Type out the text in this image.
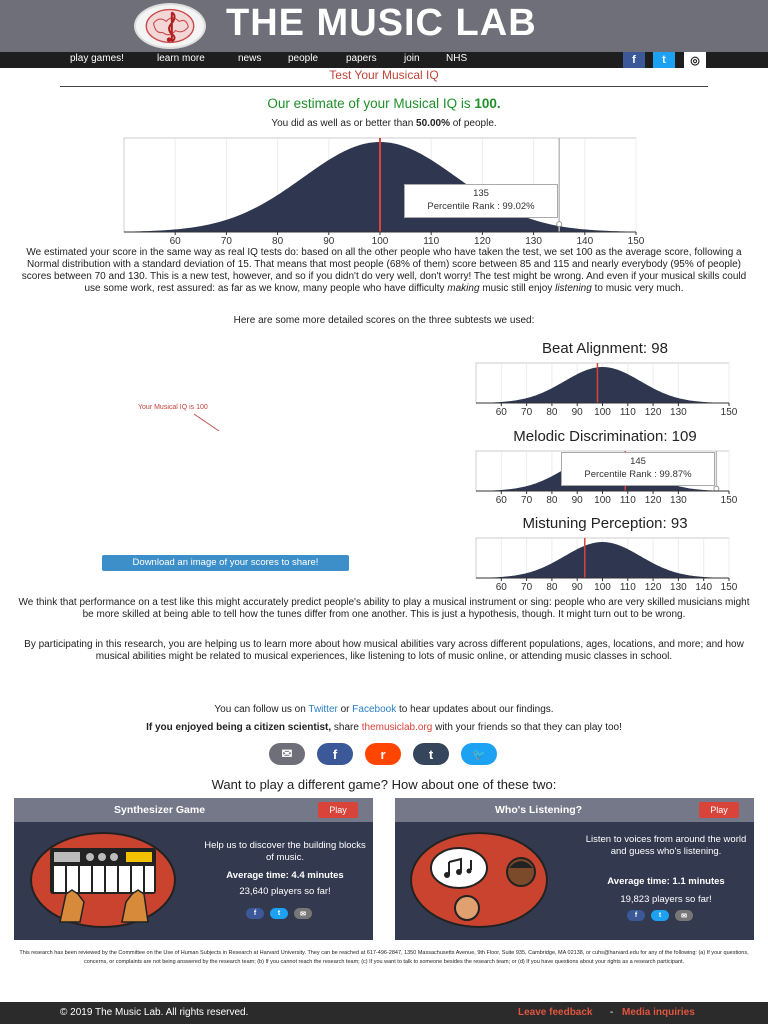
THE MUSIC LAB
play games!	learn more	news	people	papers	join	NHS	f	t	◎
Test Your Musical IQ
Our estimate of your Musical IQ is 100.
You did as well as or better than 50.00% of people.
60	70	80	90	100	110	120	130	140	150
135
Percentile Rank : 99.02%
We estimated your score in the same way as real IQ tests do: based on all the other people who have taken the test, we set 100 as the average score, following a Normal distribution with a standard deviation of 15. That means that most people (68% of them) score between 85 and 115 and nearly everybody (95% of people) scores between 70 and 130. This is a new test, however, and so if you didn't do very well, don't worry! The test might be wrong. And even if your musical skills could use some work, rest assured: as far as we know, many people who have difficulty making music still enjoy listening to music very much.
Here are some more detailed scores on the three subtests we used:
Beat Alignment: 98
60 70 80 90 100 110 120 130	150
Melodic Discrimination: 109
60 70 80 90 100 110 120 130	150
145
Percentile Rank : 99.87%
Mistuning Perception: 93
60 70 80 90 100 110 120 130 140 150
Your Musical IQ is 100
Download an image of your scores to share!
We think that performance on a test like this might accurately predict people's ability to play a musical instrument or sing: people who are very skilled musicians might be more skilled at being able to tell how the tunes differ from one another. This is just a hypothesis, though. It might turn out to be wrong.
By participating in this research, you are helping us to learn more about how musical abilities vary across different populations, ages, locations, and more; and how musical abilities might be related to musical experiences, like listening to lots of music online, or attending music classes in school.
You can follow us on Twitter or Facebook to hear updates about our findings.
If you enjoyed being a citizen scientist, share themusiclab.org with your friends so that they can play too!
✉	f	r	t	🐦
Want to play a different game? How about one of these two:
Synthesizer Game	Play
Help us to discover the building blocks of music.
Average time: 4.4 minutes
23,640 players so far!
f	t	✉
Who's Listening?	Play
Listen to voices from around the world and guess who's listening.
Average time: 1.1 minutes
19,823 players so far!
f	t	✉
This research has been reviewed by the Committee on the Use of Human Subjects in Research at Harvard University. They can be reached at 617-496-2847, 1350 Massachusetts Avenue, 9th Floor, Suite 935, Cambridge, MA 02138, or cuhs@harvard.edu for any of the following: (a) If your questions, concerns, or complaints are not being answered by the research team; (b) If you cannot reach the research team; (c) If you want to talk to someone besides the research team; or (d) If you have questions about your rights as a research participant.
© 2019 The Music Lab. All rights reserved.	Leave feedback - Media inquiries
